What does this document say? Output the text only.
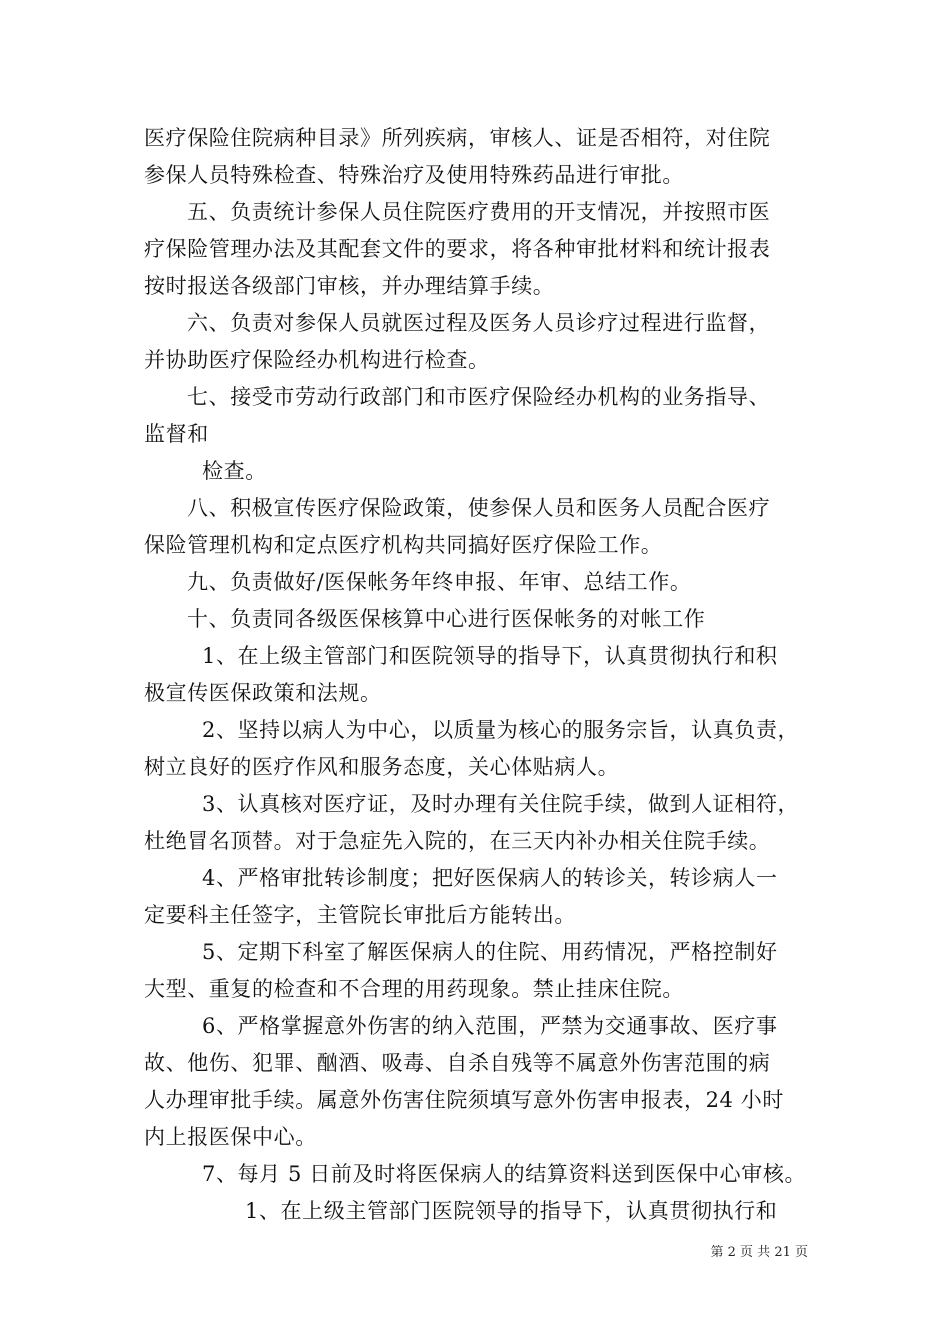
医疗保险住院病种目录》所列疾病，审核人、证是否相符，对住院
参保人员特殊检查、特殊治疗及使用特殊药品进行审批。
五、负责统计参保人员住院医疗费用的开支情况，并按照市医
疗保险管理办法及其配套文件的要求，将各种审批材料和统计报表
按时报送各级部门审核，并办理结算手续。
六、负责对参保人员就医过程及医务人员诊疗过程进行监督，
并协助医疗保险经办机构进行检查。
七、接受市劳动行政部门和市医疗保险经办机构的业务指导、
监督和
检查。
八、积极宣传医疗保险政策，使参保人员和医务人员配合医疗
保险管理机构和定点医疗机构共同搞好医疗保险工作。
九、负责做好/医保帐务年终申报、年审、总结工作。
十、负责同各级医保核算中心进行医保帐务的对帐工作
1、在上级主管部门和医院领导的指导下，认真贯彻执行和积
极宣传医保政策和法规。
2、坚持以病人为中心，以质量为核心的服务宗旨，认真负责，
树立良好的医疗作风和服务态度，关心体贴病人。
3、认真核对医疗证，及时办理有关住院手续，做到人证相符，
杜绝冒名顶替。对于急症先入院的，在三天内补办相关住院手续。
4、严格审批转诊制度；把好医保病人的转诊关，转诊病人一
定要科主任签字，主管院长审批后方能转出。
5、定期下科室了解医保病人的住院、用药情况，严格控制好
大型、重复的检查和不合理的用药现象。禁止挂床住院。
6、严格掌握意外伤害的纳入范围，严禁为交通事故、医疗事
故、他伤、犯罪、酗酒、吸毒、自杀自残等不属意外伤害范围的病
人办理审批手续。属意外伤害住院须填写意外伤害申报表，24 小时
内上报医保中心。
7、每月 5 日前及时将医保病人的结算资料送到医保中心审核。
1、在上级主管部门医院领导的指导下，认真贯彻执行和
第 2 页 共 21 页
